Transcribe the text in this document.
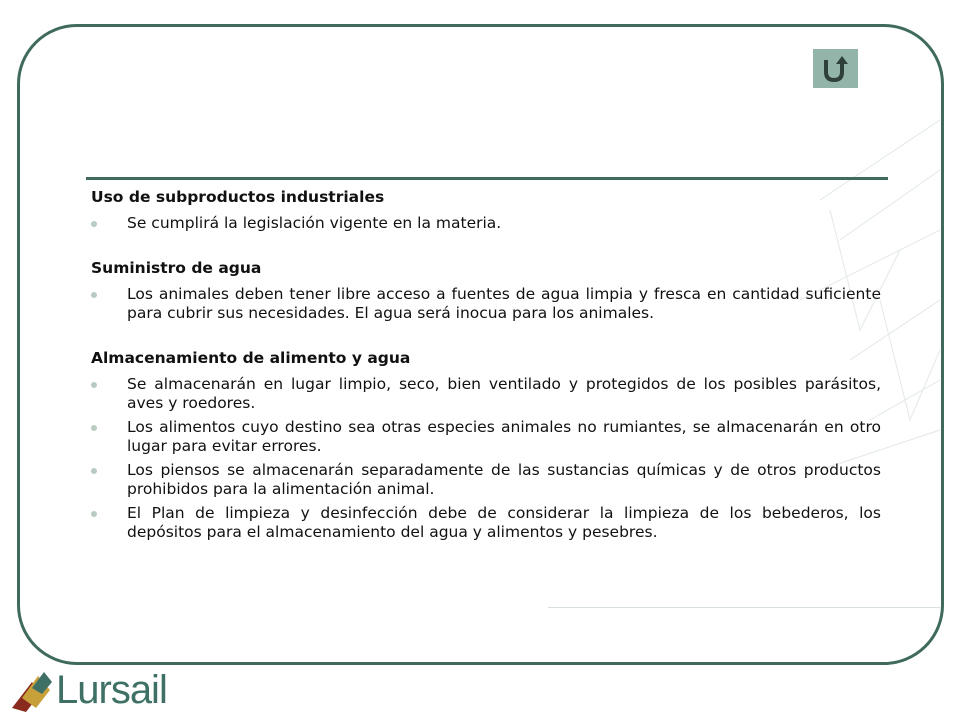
Uso de subproductos industriales
Se cumplirá la legislación vigente en la materia.
Suministro de agua
Los animales deben tener libre acceso a fuentes de agua limpia y fresca en cantidad suficiente para cubrir sus necesidades. El agua será inocua para los animales.
Almacenamiento de alimento y agua
Se almacenarán en lugar limpio, seco, bien ventilado y protegidos de los posibles parásitos, aves y roedores.
Los alimentos cuyo destino sea otras especies animales no rumiantes, se almacenarán en otro lugar para evitar errores.
Los piensos se almacenarán separadamente de las sustancias químicas y de otros productos prohibidos para la alimentación animal.
El Plan de limpieza y desinfección debe de considerar la limpieza de los bebederos, los depósitos para el almacenamiento del agua y alimentos y pesebres.
Lursail
